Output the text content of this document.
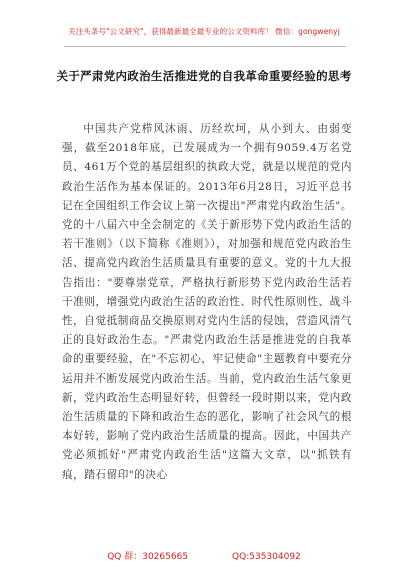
关注头条号"公文研究"，获得最新最全最专业的公文资料库！ 微信：gongwenyj
关于严肃党内政治生活推进党的自我革命重要经验的思考

中国共产党栉风沐雨、历经坎坷，从小到大、由弱变强，截至2018年底，已发展成为一个拥有9059.4万名党员、461万个党的基层组织的执政大党，就是以规范的党内政治生活作为基本保证的。2013年6月28日，习近平总书记在全国组织工作会议上第一次提出"严肃党内政治生活"。党的十八届六中全会制定的《关于新形势下党内政治生活的若干准则》（以下简称《准则》），对加强和规范党内政治生活、提高党内政治生活质量具有重要的意义。党的十九大报告指出："要尊崇党章，严格执行新形势下党内政治生活若干准则，增强党内政治生活的政治性、时代性原则性、战斗性，自觉抵制商品交换原则对党内生活的侵蚀，营造风清气正的良好政治生态。"严肃党内政治生活是推进党的自我革命的重要经验，在"不忘初心，牢记使命"主题教育中要充分运用并不断发展党内政治生活。当前，党内政治生活气象更新，党内政治生态明显好转，但曾经一段时期以来，党内政治生活质量的下降和政治生态的恶化，影响了社会风气的根本好转，影响了党内政治生活质量的提高。因此，中国共产党必须抓好"严肃党内政治生活"这篇大文章，以"抓铁有痕，踏石留印"的决心

QQ 群：30265665	QQ:535304092
